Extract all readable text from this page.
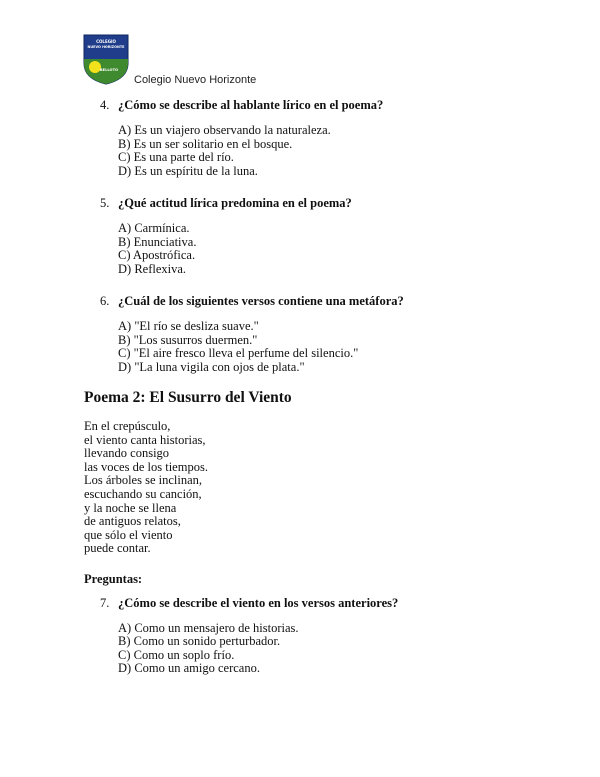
COLEGIO
NUEVO HORIZONTE
BELLOTO
Colegio Nuevo Horizonte
4. ¿Cómo se describe al hablante lírico en el poema?
A) Es un viajero observando la naturaleza.
B) Es un ser solitario en el bosque.
C) Es una parte del río.
D) Es un espíritu de la luna.
5. ¿Qué actitud lírica predomina en el poema?
A) Carmínica.
B) Enunciativa.
C) Apostrófica.
D) Reflexiva.
6. ¿Cuál de los siguientes versos contiene una metáfora?
A) "El río se desliza suave."
B) "Los susurros duermen."
C) "El aire fresco lleva el perfume del silencio."
D) "La luna vigila con ojos de plata."
Poema 2: El Susurro del Viento
En el crepúsculo,
el viento canta historias,
llevando consigo
las voces de los tiempos.
Los árboles se inclinan,
escuchando su canción,
y la noche se llena
de antiguos relatos,
que sólo el viento
puede contar.
Preguntas:
7. ¿Cómo se describe el viento en los versos anteriores?
A) Como un mensajero de historias.
B) Como un sonido perturbador.
C) Como un soplo frío.
D) Como un amigo cercano.
